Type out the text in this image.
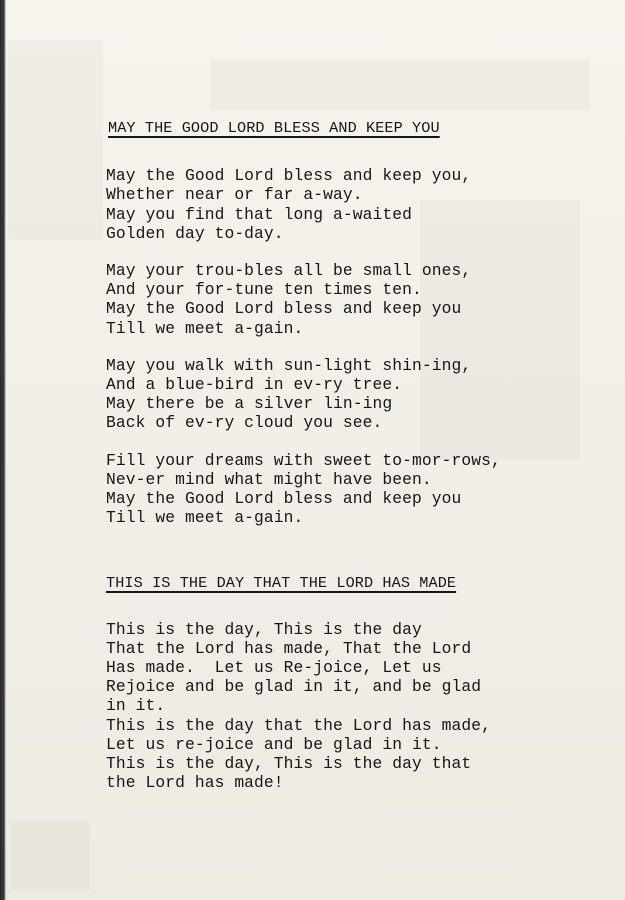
MAY THE GOOD LORD BLESS AND KEEP YOU
May the Good Lord bless and keep you,
Whether near or far a-way.
May you find that long a-waited
Golden day to-day.
May your trou-bles all be small ones,
And your for-tune ten times ten.
May the Good Lord bless and keep you
Till we meet a-gain.
May you walk with sun-light shin-ing,
And a blue-bird in ev-ry tree.
May there be a silver lin-ing
Back of ev-ry cloud you see.
Fill your dreams with sweet to-mor-rows,
Nev-er mind what might have been.
May the Good Lord bless and keep you
Till we meet a-gain.
THIS IS THE DAY THAT THE LORD HAS MADE
This is the day, This is the day
That the Lord has made, That the Lord
Has made.  Let us Re-joice, Let us
Rejoice and be glad in it, and be glad
in it.
This is the day that the Lord has made,
Let us re-joice and be glad in it.
This is the day, This is the day that
the Lord has made!
